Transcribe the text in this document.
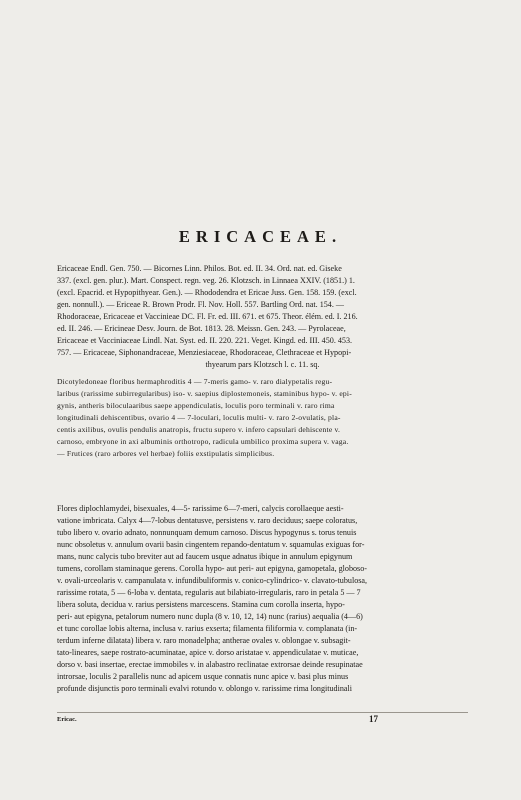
ERICACEAE.
Ericaceae Endl. Gen. 750. — Bicornes Linn. Philos. Bot. ed. II. 34. Ord. nat. ed. Giseke
337. (excl. gen. plur.). Mart. Conspect. regn. veg. 26. Klotzsch. in Linnaea XXIV. (1851.) 1.
(excl. Epacrid. et Hypopithyear. Gen.). — Rhododendra et Ericae Juss. Gen. 158. 159. (excl.
gen. nonnull.). — Ericeae R. Brown Prodr. Fl. Nov. Holl. 557. Bartling Ord. nat. 154. —
Rhodoraceae, Ericaceae et Vaccinieae DC. Fl. Fr. ed. III. 671. et 675. Theor. élém. ed. I. 216.
ed. II. 246. — Ericineae Desv. Journ. de Bot. 1813. 28. Meissn. Gen. 243. — Pyrolaceae,
Ericaceae et Vacciniaceae Lindl. Nat. Syst. ed. II. 220. 221. Veget. Kingd. ed. III. 450. 453.
757. — Ericaceae, Siphonandraceae, Menziesiaceae, Rhodoraceae, Clethraceae et Hypopi-
thyearum pars Klotzsch l. c. 11. sq.
Dicotyledoneae floribus hermaphroditis 4 — 7-meris gamo- v. raro dialypetalis regu-
laribus (rarissime subirregularibus) iso- v. saepius diplostemoneis, staminibus hypo- v. epi-
gynis, antheris biloculaaribus saepe appendiculatis, loculis poro terminali v. raro rima
longitudinali dehiscentibus, ovario 4 — 7-loculari, loculis multi- v. raro 2-ovulatis, pla-
centis axilibus, ovulis pendulis anatropis, fructu supero v. infero capsulari dehiscente v.
carnoso, embryone in axi albuminis orthotropo, radicula umbilico proxima supera v. vaga.
— Frutices (raro arbores vel herbae) foliis exstipulatis simplicibus.
Flores diplochlamydei, bisexuales, 4—5- rarissime 6—7-meri, calycis corollaeque aesti-
vatione imbricata. Calyx 4—7-lobus dentatusve, persistens v. raro deciduus; saepe coloratus,
tubo libero v. ovario adnato, nonnunquam demum carnoso. Discus hypogynus s. torus tenuis
nunc obsoletus v. annulum ovarii basin cingentem repando-dentatum v. squamulas exiguas for-
mans, nunc calycis tubo breviter aut ad faucem usque adnatus ibique in annulum epigynum
tumens, corollam staminaque gerens. Corolla hypo- aut peri- aut epigyna, gamopetala, globoso-
v. ovali-urceolaris v. campanulata v. infundibuliformis v. conico-cylindrico- v. clavato-tubulosa,
rarissime rotata, 5 — 6-loba v. dentata, regularis aut bilabiato-irregularis, raro in petala 5 — 7
libera soluta, decidua v. rarius persistens marcescens. Stamina cum corolla inserta, hypo-
peri- aut epigyna, petalorum numero nunc dupla (8 v. 10, 12, 14) nunc (rarius) aequalia (4—6)
et tunc corollae lobis alterna, inclusa v. rarius exserta; filamenta filiformia v. complanata (in-
terdum inferne dilatata) libera v. raro monadelpha; antherae ovales v. oblongae v. subsagit-
tato-lineares, saepe rostrato-acuminatae, apice v. dorso aristatae v. appendiculatae v. muticae,
dorso v. basi insertae, erectae immobiles v. in alabastro reclinatae extrorsae deinde resupinatae
introrsae, loculis 2 parallelis nunc ad apicem usque connatis nunc apice v. basi plus minus
profunde disjunctis poro terminali evalvi rotundo v. oblongo v. rarissime rima longitudinali
Ericac.	17
